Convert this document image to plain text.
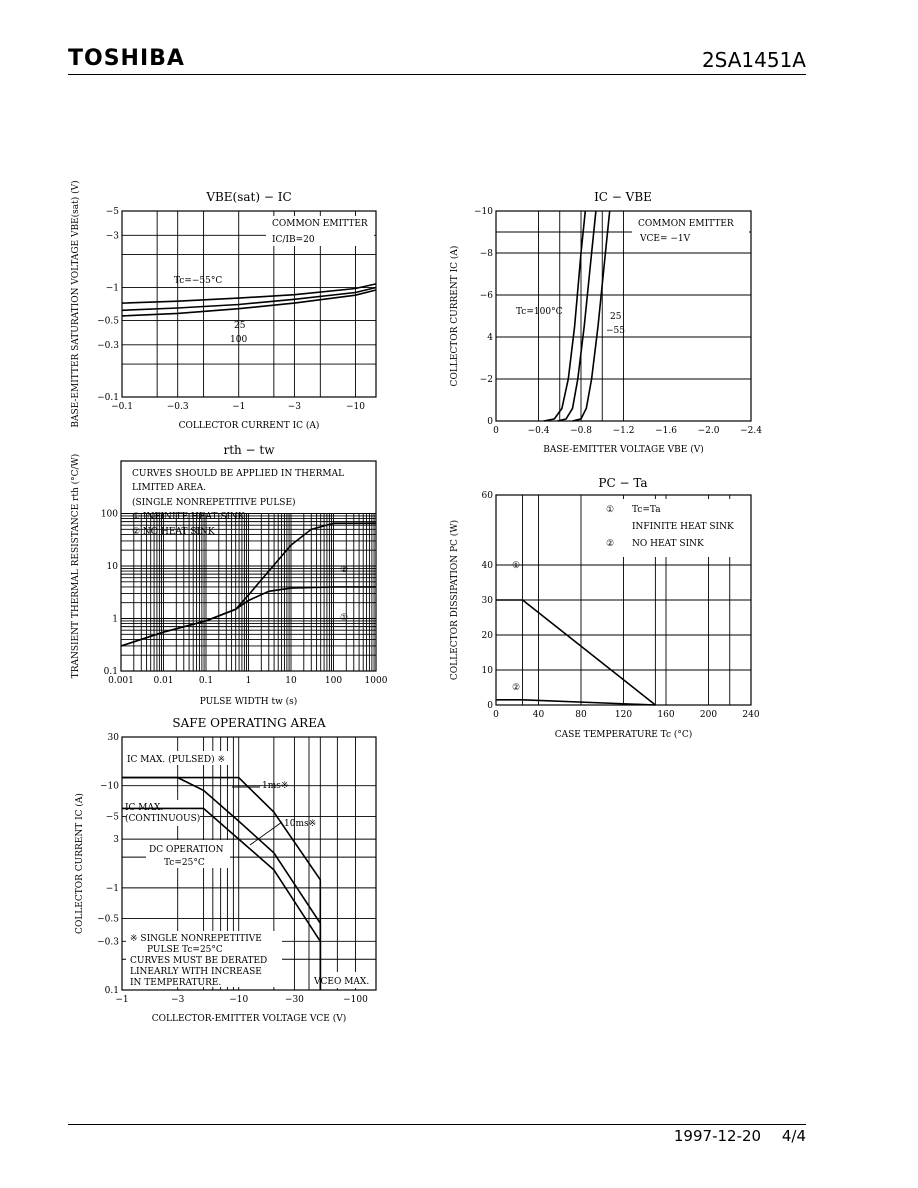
TOSHIBA	2SA1451A
−0.1	−0.3	−1	−3	−10
−5
−3
−1
−0.5
−0.3
−0.1
VBE(sat) − IC
COLLECTOR CURRENT IC (A)
BASE-EMITTER SATURATION VOLTAGE VBE(sat) (V)	COMMON EMITTER
IC/IB=20
Tc=−55°C
25
100
0	−0.4 −0.8 −1.2 −1.6 −2.0 −2.4
−10
−8
−6
4
−2
0
IC − VBE
BASE-EMITTER VOLTAGE VBE (V)
COLLECTOR CURRENT IC (A)
COMMON EMITTER
VCE= −1V
Tc=100°C	25
−55
0.001 0.01	0.1	1	10	100 1000
100
10
1
0.1
rth − tw
PULSE WIDTH tw (s)
TRANSIENT THERMAL RESISTANCE rth (°C/W)	CURVES SHOULD BE APPLIED IN THERMAL
LIMITED AREA.
(SINGLE NONREPETITIVE PULSE)
① INFINITE HEAT SINK
② NO HEAT SINK
②
①
0	40	80	120	160	200	240
60
40
30
20
10
0
PC − Ta
CASE TEMPERATURE Tc (°C)
COLLECTOR DISSIPATION PC (W)
① Tc=Ta
INFINITE HEAT SINK
② NO HEAT SINK
①
②
−1	−3	−10	−30	−100
30
−10
−5
3
−1
−0.5
−0.3
0.1
SAFE OPERATING AREA
COLLECTOR-EMITTER VOLTAGE VCE (V)
COLLECTOR CURRENT IC (A)
IC MAX. (PULSED) ※
IC MAX.
(CONTINUOUS)
1ms※
10ms※
DC OPERATION
Tc=25°C
※ SINGLE NONREPETITIVE
PULSE Tc=25°C
CURVES MUST BE DERATED
LINEARLY WITH INCREASE
IN TEMPERATURE.	VCEO MAX.
1997-12-20 4/4
